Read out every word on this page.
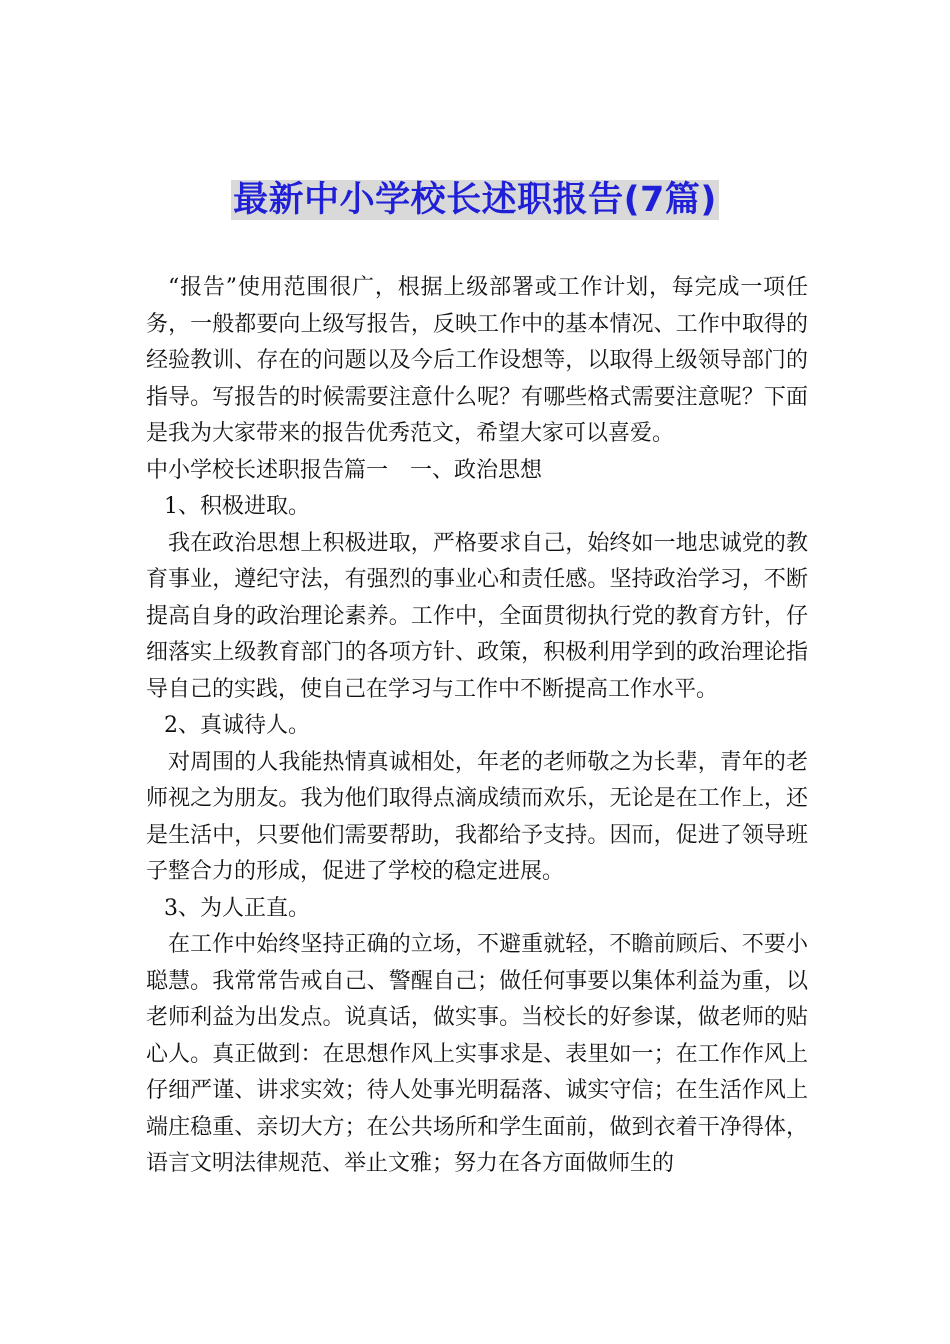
最新中小学校长述职报告(7篇)

“报告”使用范围很广，根据上级部署或工作计划，每完成一项任务，一般都要向上级写报告，反映工作中的基本情况、工作中取得的经验教训、存在的问题以及今后工作设想等，以取得上级领导部门的指导。写报告的时候需要注意什么呢？有哪些格式需要注意呢？下面是我为大家带来的报告优秀范文，希望大家可以喜爱。

中小学校长述职报告篇一　一、政治思想

1、积极进取。

我在政治思想上积极进取，严格要求自己，始终如一地忠诚党的教育事业，遵纪守法，有强烈的事业心和责任感。坚持政治学习，不断提高自身的政治理论素养。工作中，全面贯彻执行党的教育方针，仔细落实上级教育部门的各项方针、政策，积极利用学到的政治理论指导自己的实践，使自己在学习与工作中不断提高工作水平。

2、真诚待人。

对周围的人我能热情真诚相处，年老的老师敬之为长辈，青年的老师视之为朋友。我为他们取得点滴成绩而欢乐，无论是在工作上，还是生活中，只要他们需要帮助，我都给予支持。因而，促进了领导班子整合力的形成，促进了学校的稳定进展。

3、为人正直。

在工作中始终坚持正确的立场，不避重就轻，不瞻前顾后、不要小聪慧。我常常告戒自己、警醒自己；做任何事要以集体利益为重，以老师利益为出发点。说真话，做实事。当校长的好参谋，做老师的贴心人。真正做到：在思想作风上实事求是、表里如一；在工作作风上仔细严谨、讲求实效；待人处事光明磊落、诚实守信；在生活作风上端庄稳重、亲切大方；在公共场所和学生面前，做到衣着干净得体，语言文明法律规范、举止文雅；努力在各方面做师生的
